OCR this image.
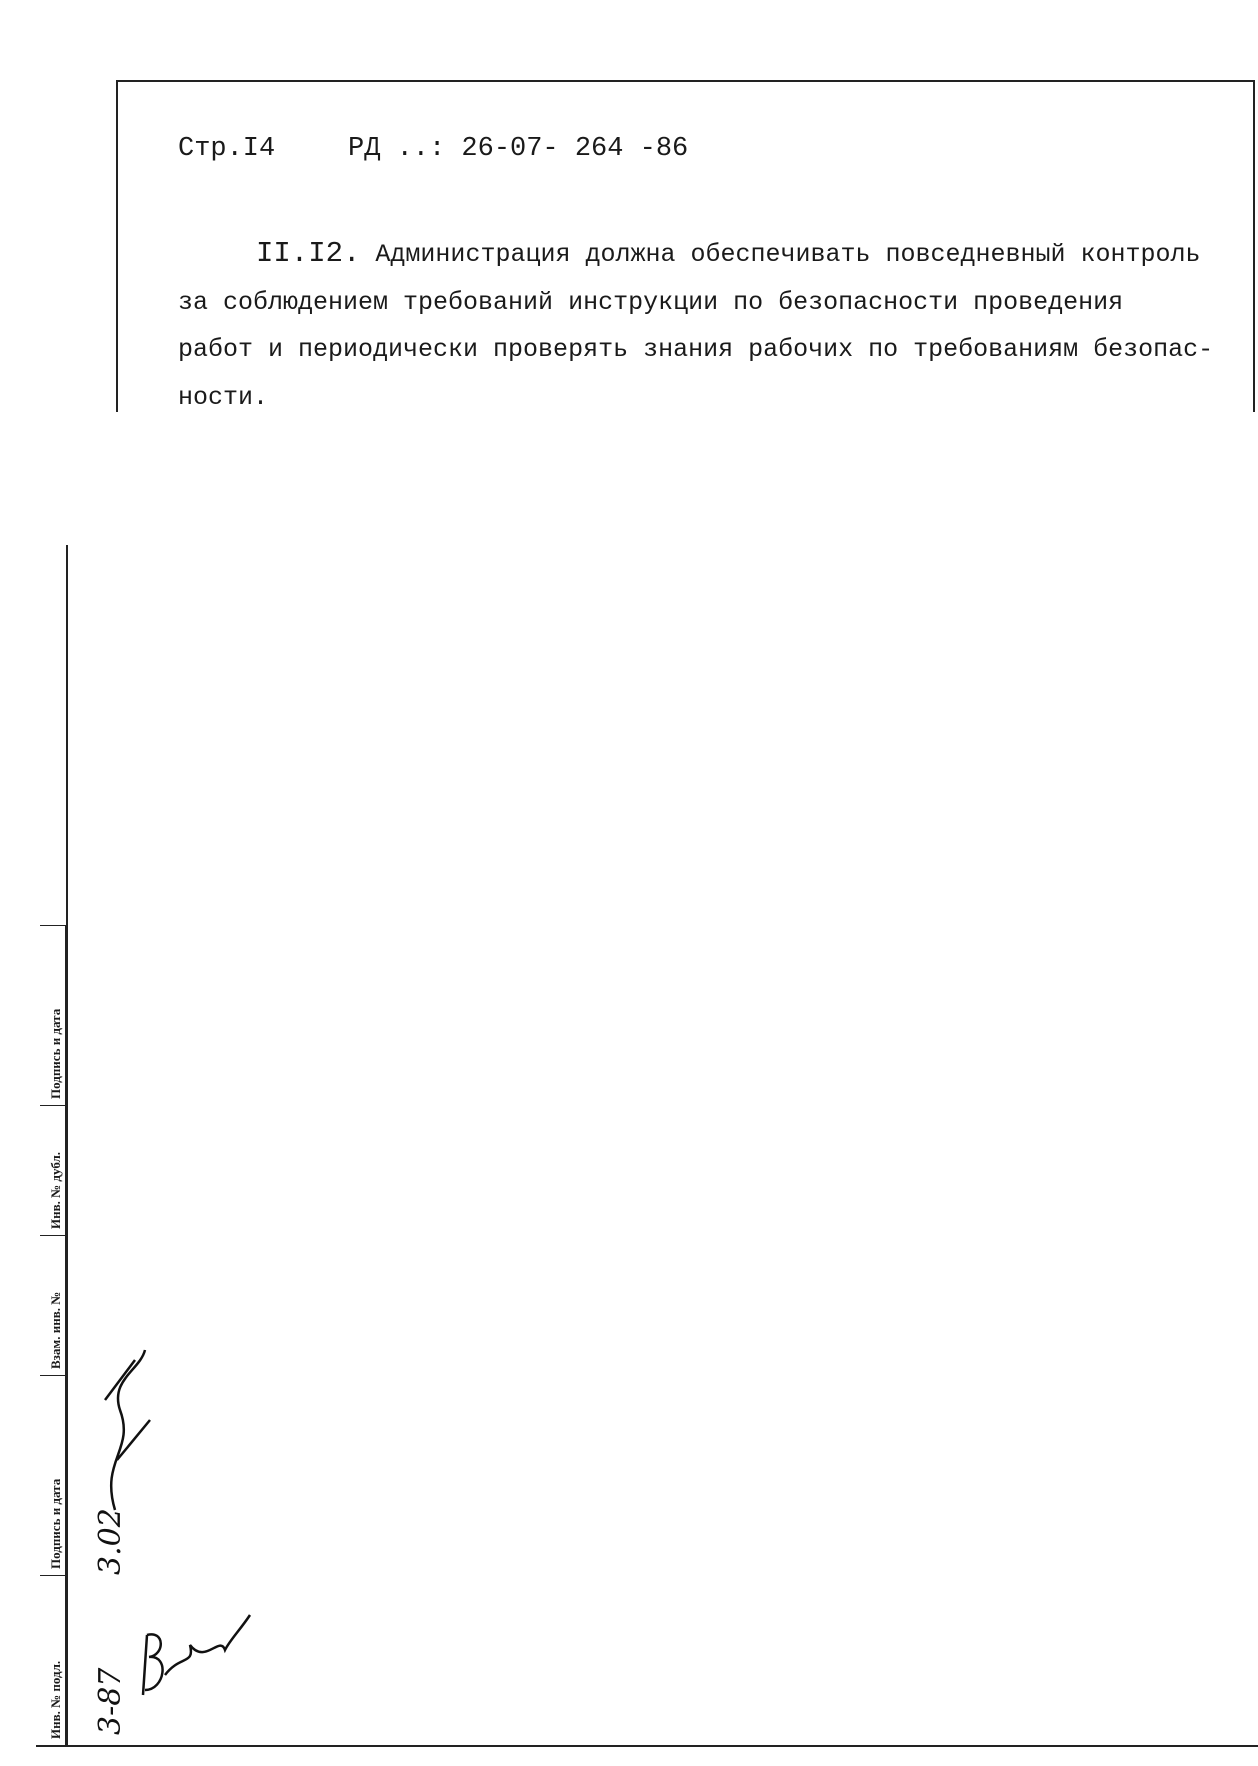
Стр.I4	РД ..: 26-07- 264 -86

II.I2. Администрация должна обеспечивать повседневный контроль

за соблюдением требований инструкции по безопасности проведения

работ и периодически проверять знания рабочих по требованиям безопас-

ности.

Подпись и дата
Инв. № дубл.
Взам. инв. №
Подпись и дата
Инв. № подл. 3-87
3.02
